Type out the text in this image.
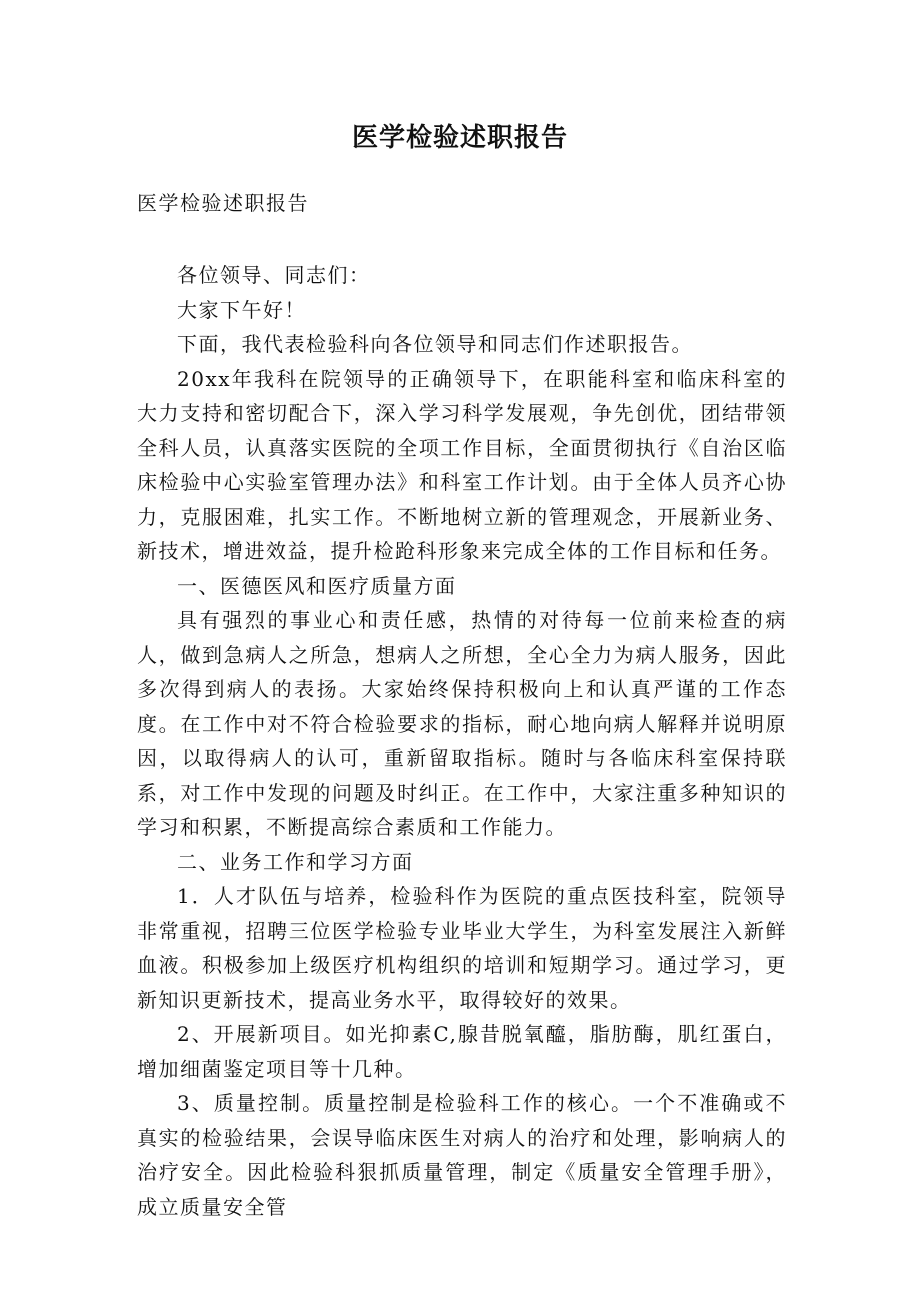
医学检验述职报告
医学检验述职报告

各位领导、同志们：

大家下午好！

下面，我代表检验科向各位领导和同志们作述职报告。

20xx年我科在院领导的正确领导下，在职能科室和临床科室的大力支持和密切配合下，深入学习科学发展观，争先创优，团结带领全科人员，认真落实医院的全项工作目标，全面贯彻执行《自治区临床检验中心实验室管理办法》和科室工作计划。由于全体人员齐心协力，克服困难，扎实工作。不断地树立新的管理观念，开展新业务、新技术，增进效益，提升检跄科形象来完成全体的工作目标和任务。

一、医德医风和医疗质量方面

具有强烈的事业心和责任感，热情的对待每一位前来检查的病人，做到急病人之所急，想病人之所想，全心全力为病人服务，因此多次得到病人的表扬。大家始终保持积极向上和认真严谨的工作态度。在工作中对不符合检验要求的指标，耐心地向病人解释并说明原因，以取得病人的认可，重新留取指标。随时与各临床科室保持联系，对工作中发现的问题及时纠正。在工作中，大家注重多种知识的学习和积累，不断提高综合素质和工作能力。

二、业务工作和学习方面

1．人才队伍与培养，检验科作为医院的重点医技科室，院领导非常重视，招聘三位医学检验专业毕业大学生，为科室发展注入新鲜血液。积极参加上级医疗机构组织的培训和短期学习。通过学习，更新知识更新技术，提高业务水平，取得较好的效果。

2、开展新项目。如光抑素C,腺昔脱氧醯，脂肪酶，肌红蛋白，增加细菌鉴定项目等十几种。

3、质量控制。质量控制是检验科工作的核心。一个不准确或不真实的检验结果，会误导临床医生对病人的治疗和处理，影响病人的治疗安全。因此检验科狠抓质量管理，制定《质量安全管理手册》，成立质量安全管
